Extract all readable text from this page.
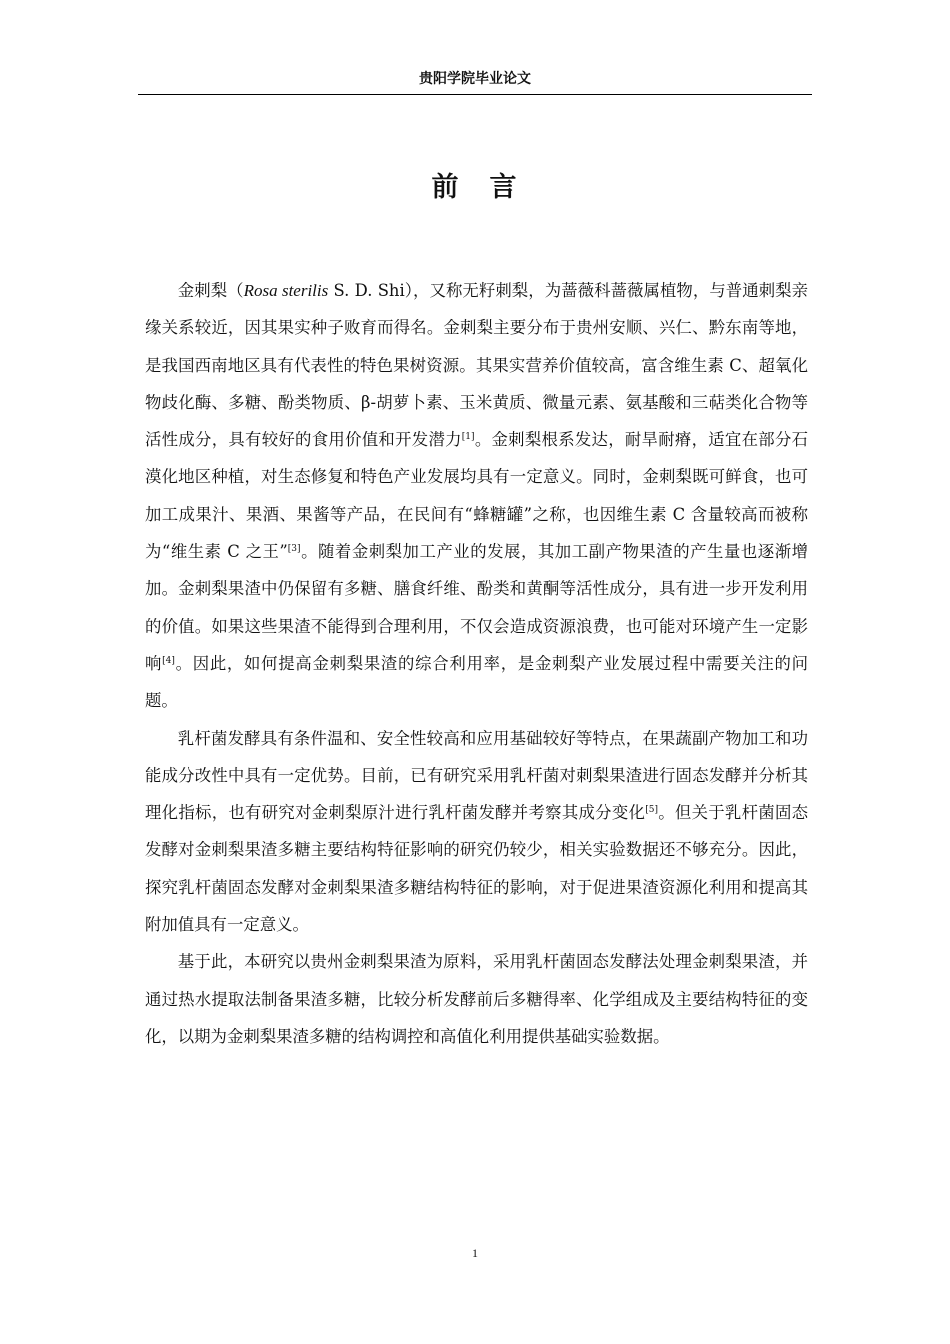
贵阳学院毕业论文
前　言

金刺梨（Rosa sterilis S. D. Shi），又称无籽刺梨，为蔷薇科蔷薇属植物，与普通刺梨亲缘关系较近，因其果实种子败育而得名。金刺梨主要分布于贵州安顺、兴仁、黔东南等地，是我国西南地区具有代表性的特色果树资源。其果实营养价值较高，富含维生素 C、超氧化物歧化酶、多糖、酚类物质、β-胡萝卜素、玉米黄质、微量元素、氨基酸和三萜类化合物等活性成分，具有较好的食用价值和开发潜力[1]。金刺梨根系发达，耐旱耐瘠，适宜在部分石漠化地区种植，对生态修复和特色产业发展均具有一定意义。同时，金刺梨既可鲜食，也可加工成果汁、果酒、果酱等产品，在民间有“蜂糖罐”之称，也因维生素 C 含量较高而被称为“维生素 C 之王”[3]。随着金刺梨加工产业的发展，其加工副产物果渣的产生量也逐渐增加。金刺梨果渣中仍保留有多糖、膳食纤维、酚类和黄酮等活性成分，具有进一步开发利用的价值。如果这些果渣不能得到合理利用，不仅会造成资源浪费，也可能对环境产生一定影响[4]。因此，如何提高金刺梨果渣的综合利用率，是金刺梨产业发展过程中需要关注的问题。

乳杆菌发酵具有条件温和、安全性较高和应用基础较好等特点，在果蔬副产物加工和功能成分改性中具有一定优势。目前，已有研究采用乳杆菌对刺梨果渣进行固态发酵并分析其理化指标，也有研究对金刺梨原汁进行乳杆菌发酵并考察其成分变化[5]。但关于乳杆菌固态发酵对金刺梨果渣多糖主要结构特征影响的研究仍较少，相关实验数据还不够充分。因此，探究乳杆菌固态发酵对金刺梨果渣多糖结构特征的影响，对于促进果渣资源化利用和提高其附加值具有一定意义。

基于此，本研究以贵州金刺梨果渣为原料，采用乳杆菌固态发酵法处理金刺梨果渣，并通过热水提取法制备果渣多糖，比较分析发酵前后多糖得率、化学组成及主要结构特征的变化，以期为金刺梨果渣多糖的结构调控和高值化利用提供基础实验数据。

1
